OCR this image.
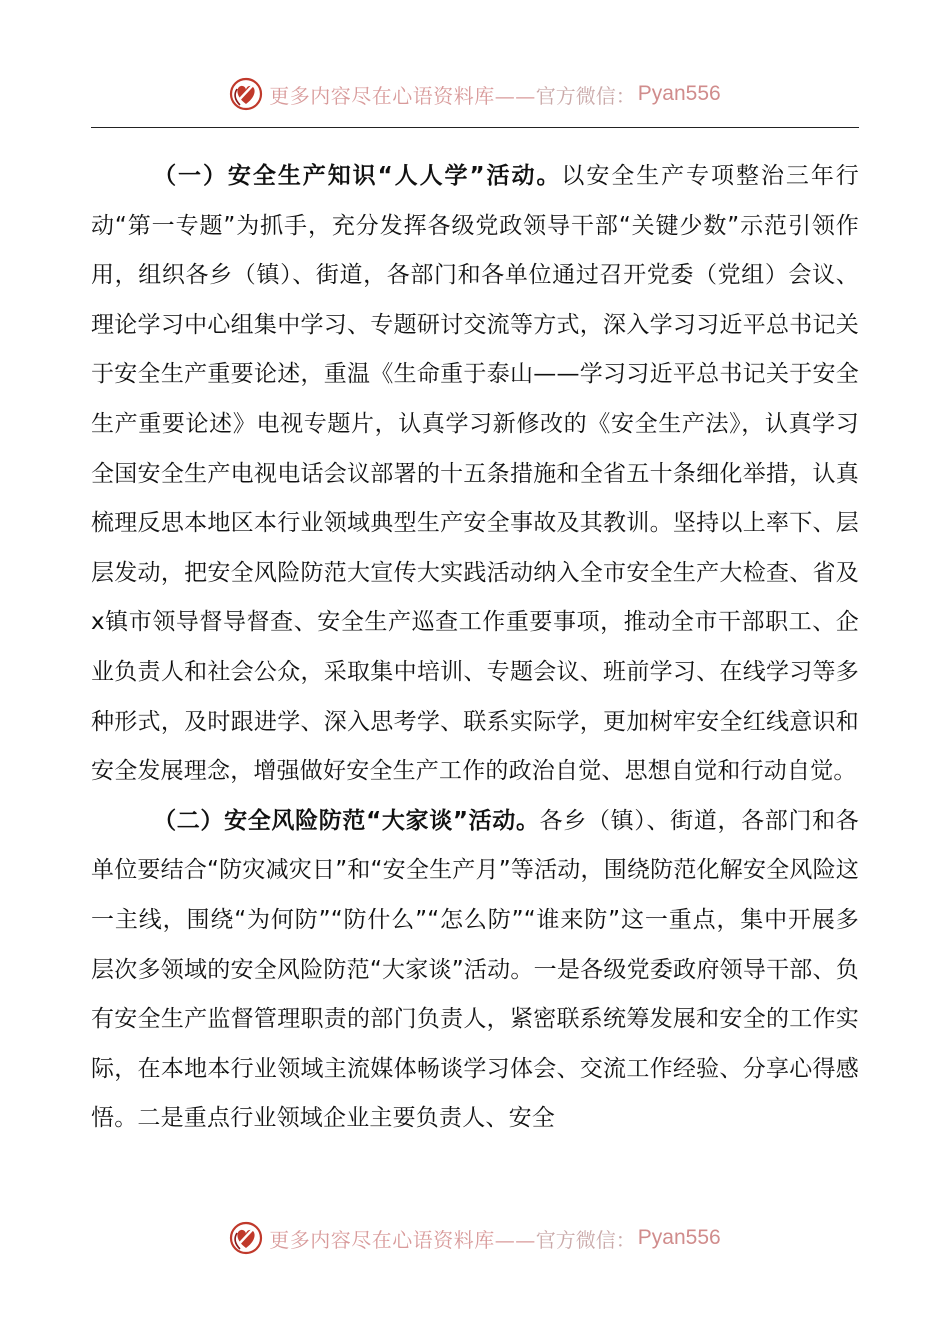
更多内容尽在心语资料库—— 官方微信： Pyan556

（一）安全生产知识“人人学”活动。以安全生产专项整治三年行动“第一专题”为抓手，充分发挥各级党政领导干部“关键少数”示范引领作用，组织各乡（镇）、街道，各部门和各单位通过召开党委（党组）会议、理论学习中心组集中学习、专题研讨交流等方式，深入学习习近平总书记关于安全生产重要论述，重温《生命重于泰山——学习习近平总书记关于安全生产重要论述》电视专题片，认真学习新修改的《安全生产法》，认真学习全国安全生产电视电话会议部署的十五条措施和全省五十条细化举措，认真梳理反思本地区本行业领域典型生产安全事故及其教训。坚持以上率下、层层发动，把安全风险防范大宣传大实践活动纳入全市安全生产大检查、省及x镇市领导督导督查、安全生产巡查工作重要事项，推动全市干部职工、企业负责人和社会公众，采取集中培训、专题会议、班前学习、在线学习等多种形式，及时跟进学、深入思考学、联系实际学，更加树牢安全红线意识和安全发展理念，增强做好安全生产工作的政治自觉、思想自觉和行动自觉。

（二）安全风险防范“大家谈”活动。各乡（镇）、街道，各部门和各单位要结合“防灾减灾日”和“安全生产月”等活动，围绕防范化解安全风险这一主线，围绕“为何防”“防什么”“怎么防”“谁来防”这一重点，集中开展多层次多领域的安全风险防范“大家谈”活动。一是各级党委政府领导干部、负有安全生产监督管理职责的部门负责人，紧密联系统筹发展和安全的工作实际，在本地本行业领域主流媒体畅谈学习体会、交流工作经验、分享心得感悟。二是重点行业领域企业主要负责人、安全

更多内容尽在心语资料库—— 官方微信： Pyan556
